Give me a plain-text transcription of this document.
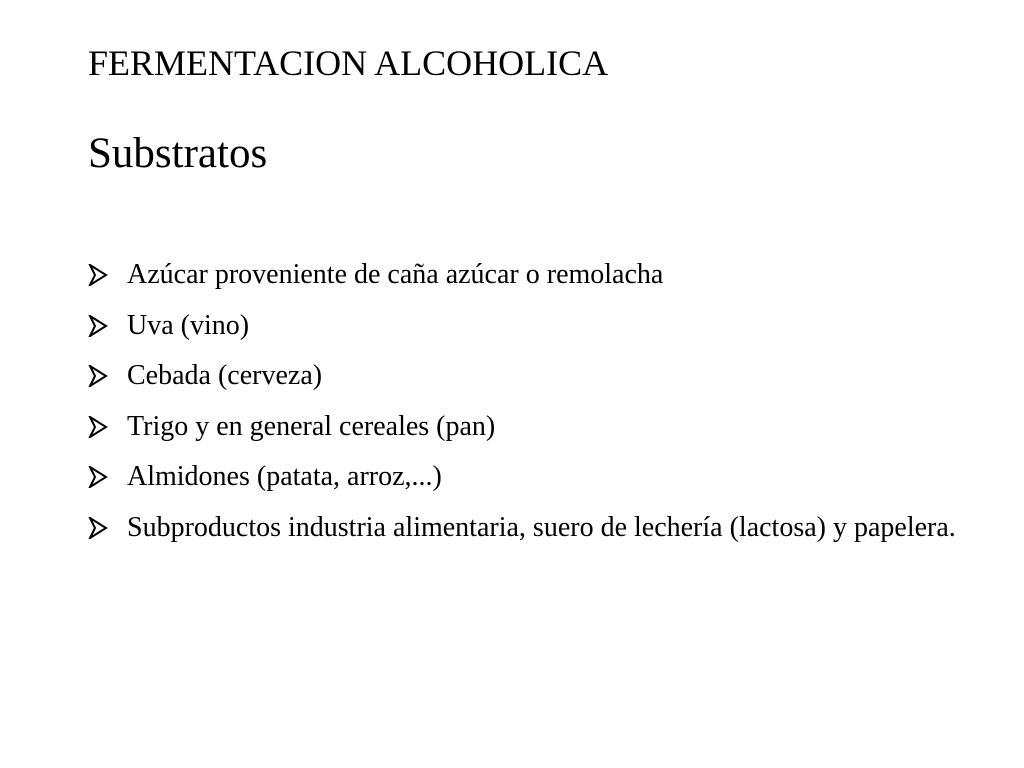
FERMENTACION ALCOHOLICA
Substratos
Azúcar proveniente de caña azúcar o remolacha
Uva (vino)
Cebada (cerveza)
Trigo y en general cereales (pan)
Almidones (patata, arroz,...)
Subproductos industria alimentaria, suero de lechería (lactosa) y papelera.
